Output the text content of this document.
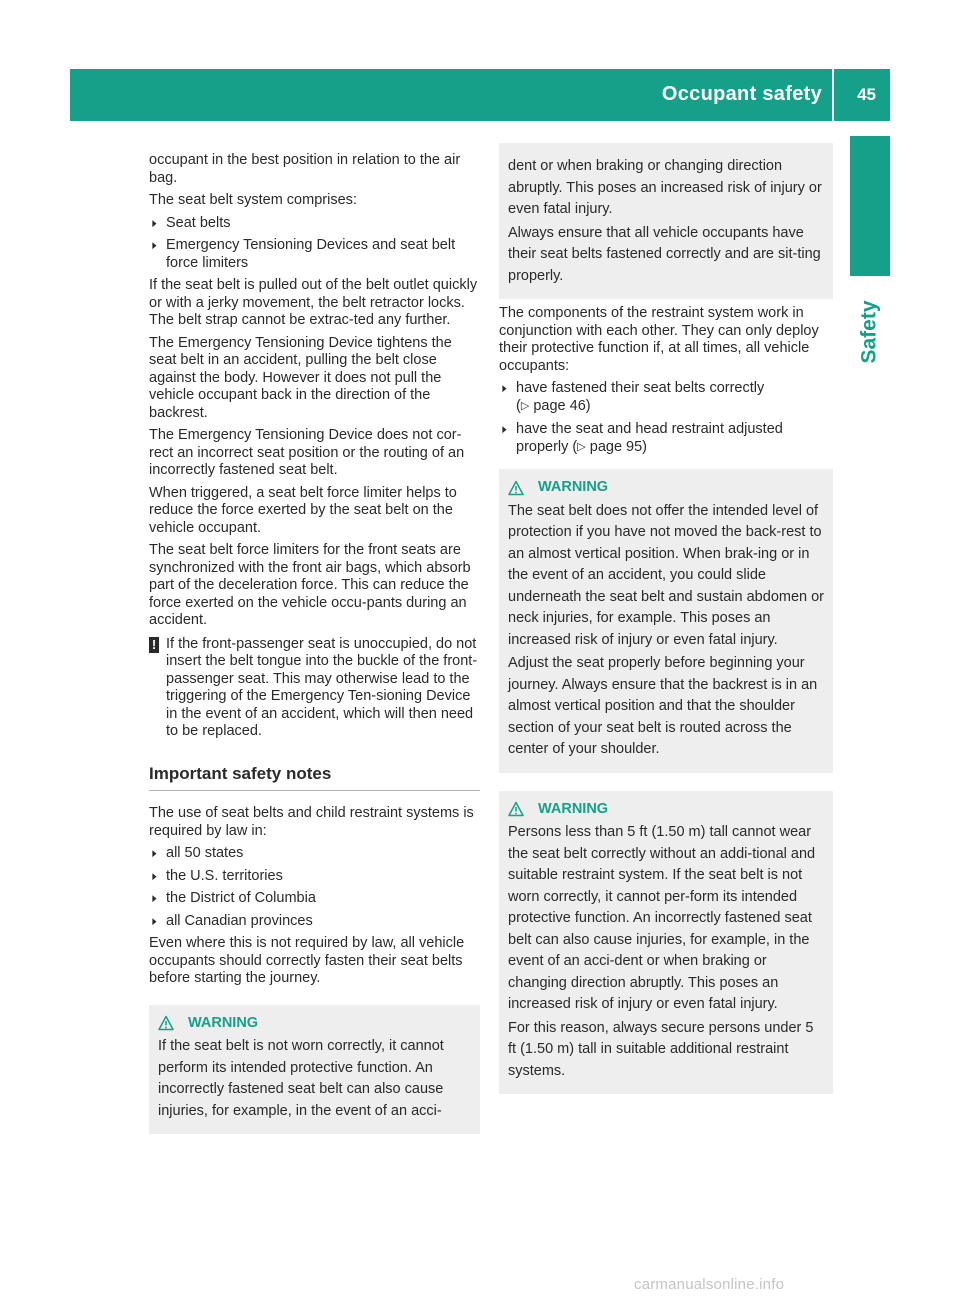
Occupant safety 45
Safety

occupant in the best position in relation to the air bag.

The seat belt system comprises:

▶ Seat belts
▶ Emergency Tensioning Devices and seat belt force limiters

If the seat belt is pulled out of the belt outlet quickly or with a jerky movement, the belt retractor locks. The belt strap cannot be extrac-ted any further.

The Emergency Tensioning Device tightens the seat belt in an accident, pulling the belt close against the body. However it does not pull the vehicle occupant back in the direction of the backrest.

The Emergency Tensioning Device does not cor-rect an incorrect seat position or the routing of an incorrectly fastened seat belt.

When triggered, a seat belt force limiter helps to reduce the force exerted by the seat belt on the vehicle occupant.

The seat belt force limiters for the front seats are synchronized with the front air bags, which absorb part of the deceleration force. This can reduce the force exerted on the vehicle occu-pants during an accident.

! If the front-passenger seat is unoccupied, do not insert the belt tongue into the buckle of the front-passenger seat. This may otherwise lead to the triggering of the Emergency Ten-sioning Device in the event of an accident, which will then need to be replaced.
Important safety notes

The use of seat belts and child restraint systems is required by law in:

▶ all 50 states
▶ the U.S. territories
▶ the District of Columbia
▶ all Canadian provinces

Even where this is not required by law, all vehicle occupants should correctly fasten their seat belts before starting the journey.

WARNING

If the seat belt is not worn correctly, it cannot perform its intended protective function. An incorrectly fastened seat belt can also cause injuries, for example, in the event of an acci-

dent or when braking or changing direction abruptly. This poses an increased risk of injury or even fatal injury.

Always ensure that all vehicle occupants have their seat belts fastened correctly and are sit-ting properly.

The components of the restraint system work in conjunction with each other. They can only deploy their protective function if, at all times, all vehicle occupants:

▶ have fastened their seat belts correctly
(▷ page 46)
▶ have the seat and head restraint adjusted properly (▷ page 95)
WARNING

The seat belt does not offer the intended level of protection if you have not moved the back-rest to an almost vertical position. When brak-ing or in the event of an accident, you could slide underneath the seat belt and sustain abdomen or neck injuries, for example. This poses an increased risk of injury or even fatal injury.

Adjust the seat properly before beginning your journey. Always ensure that the backrest is in an almost vertical position and that the shoulder section of your seat belt is routed across the center of your shoulder.

WARNING

Persons less than 5 ft (1.50 m) tall cannot wear the seat belt correctly without an addi-tional and suitable restraint system. If the seat belt is not worn correctly, it cannot per-form its intended protective function. An incorrectly fastened seat belt can also cause injuries, for example, in the event of an acci-dent or when braking or changing direction abruptly. This poses an increased risk of injury or even fatal injury.

For this reason, always secure persons under 5 ft (1.50 m) tall in suitable additional restraint systems.

carmanualsonline.info
